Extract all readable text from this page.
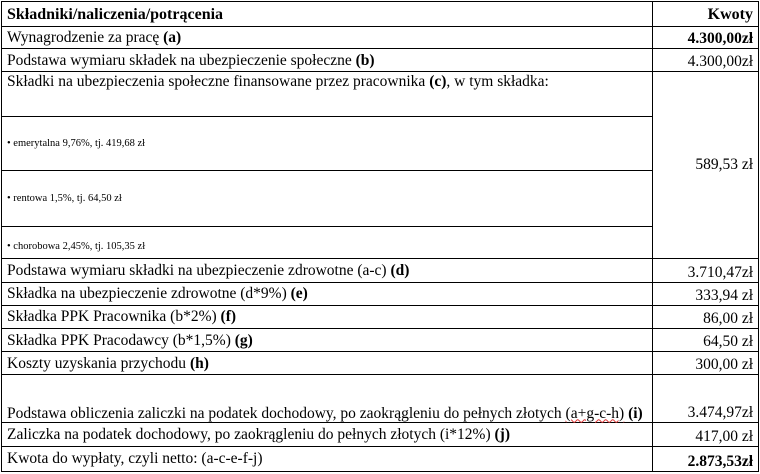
Składniki/naliczenia/potrącenia	Kwoty
Wynagrodzenie za pracę (a)	4.300,00zł
Podstawa wymiaru składek na ubezpieczenie społeczne (b)	4.300,00zł
Składki na ubezpieczenia społeczne finansowane przez pracownika (c), w tym składka:	589,53 zł
• emerytalna 9,76%, tj. 419,68 zł	
• rentowa 1,5%, tj. 64,50 zł	
• chorobowa 2,45%, tj. 105,35 zł	
Podstawa wymiaru składki na ubezpieczenie zdrowotne (a-c) (d)	3.710,47zł
Składka na ubezpieczenie zdrowotne (d*9%) (e)	333,94 zł
Składka PPK Pracownika (b*2%) (f)	86,00 zł
Składka PPK Pracodawcy (b*1,5%) (g)	64,50 zł
Koszty uzyskania przychodu (h)	300,00 zł
Podstawa obliczenia zaliczki na podatek dochodowy, po zaokrągleniu do pełnych złotych (a+g-c-h) (i)	3.474,97zł
Zaliczka na podatek dochodowy, po zaokrągleniu do pełnych złotych (i*12%) (j)	417,00 zł
Kwota do wypłaty, czyli netto: (a-c-e-f-j)	2.873,53zł
